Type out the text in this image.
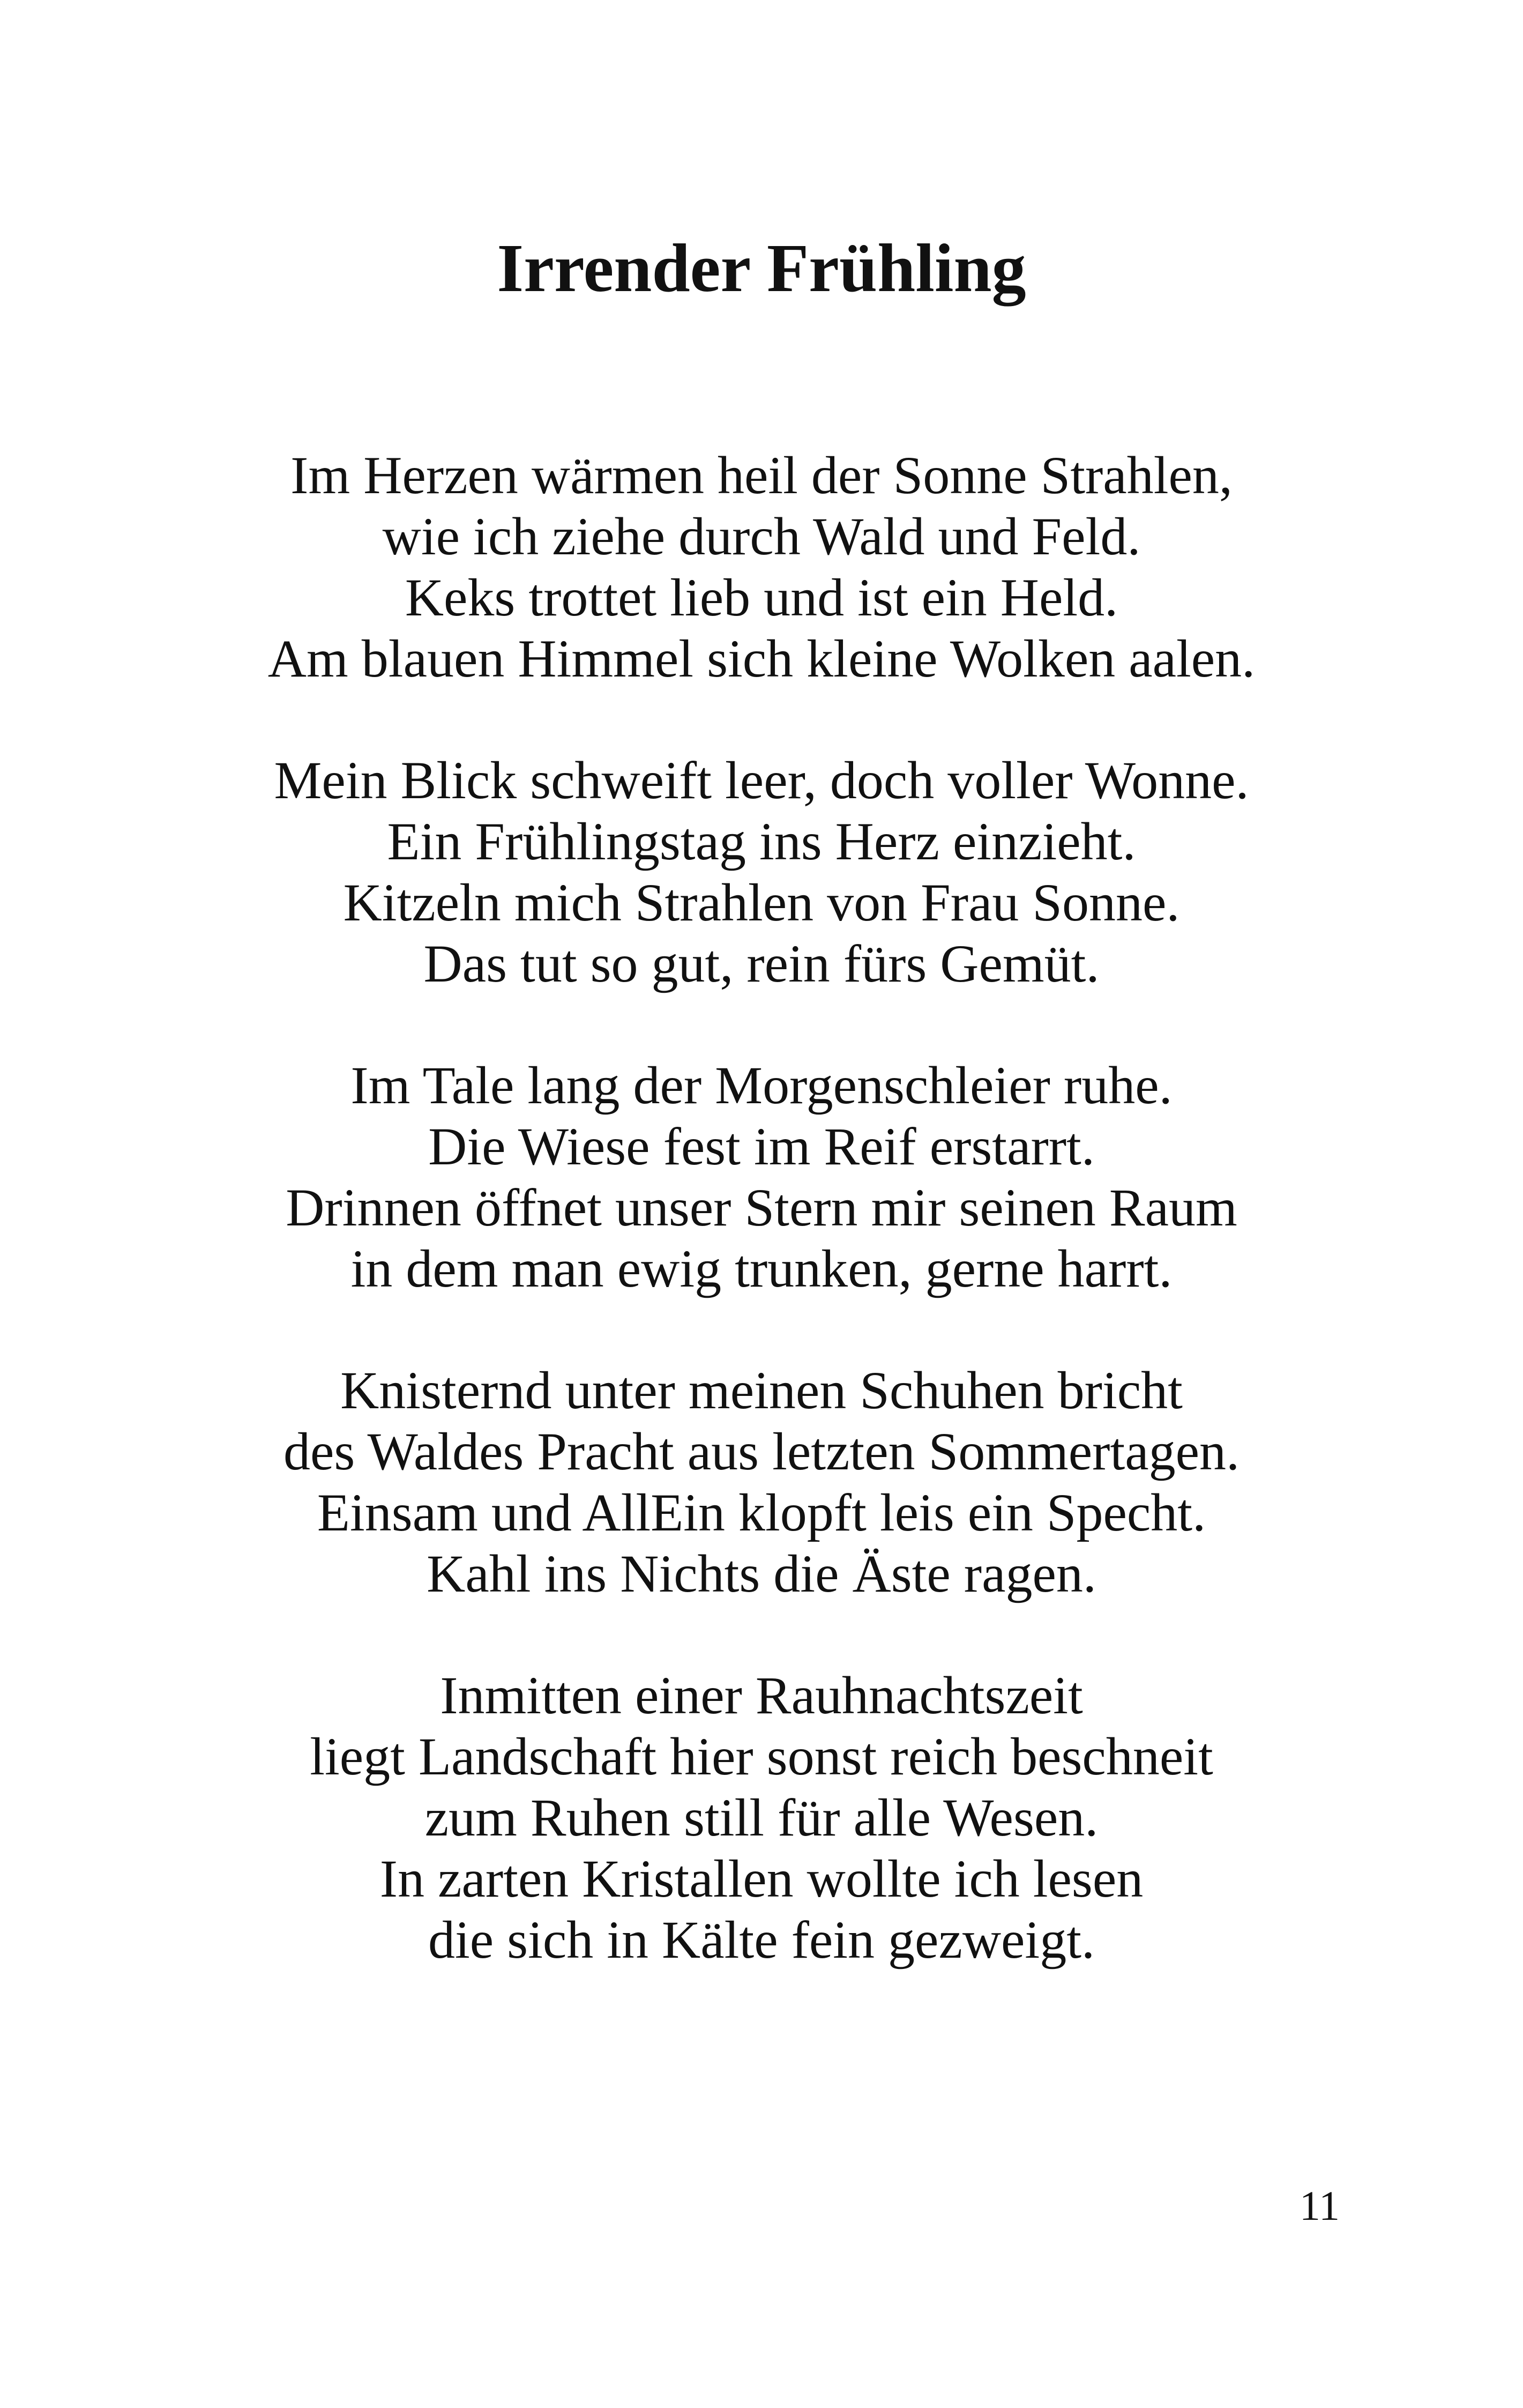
Irrender Frühling
Im Herzen wärmen heil der Sonne Strahlen,
wie ich ziehe durch Wald und Feld.
Keks trottet lieb und ist ein Held.
Am blauen Himmel sich kleine Wolken aalen.
Mein Blick schweift leer, doch voller Wonne.
Ein Frühlingstag ins Herz einzieht.
Kitzeln mich Strahlen von Frau Sonne.
Das tut so gut, rein fürs Gemüt.
Im Tale lang der Morgenschleier ruhe.
Die Wiese fest im Reif erstarrt.
Drinnen öffnet unser Stern mir seinen Raum
in dem man ewig trunken, gerne harrt.
Knisternd unter meinen Schuhen bricht
des Waldes Pracht aus letzten Sommertagen.
Einsam und AllEin klopft leis ein Specht.
Kahl ins Nichts die Äste ragen.
Inmitten einer Rauhnachtszeit
liegt Landschaft hier sonst reich beschneit
zum Ruhen still für alle Wesen.
In zarten Kristallen wollte ich lesen
die sich in Kälte fein gezweigt.
11
